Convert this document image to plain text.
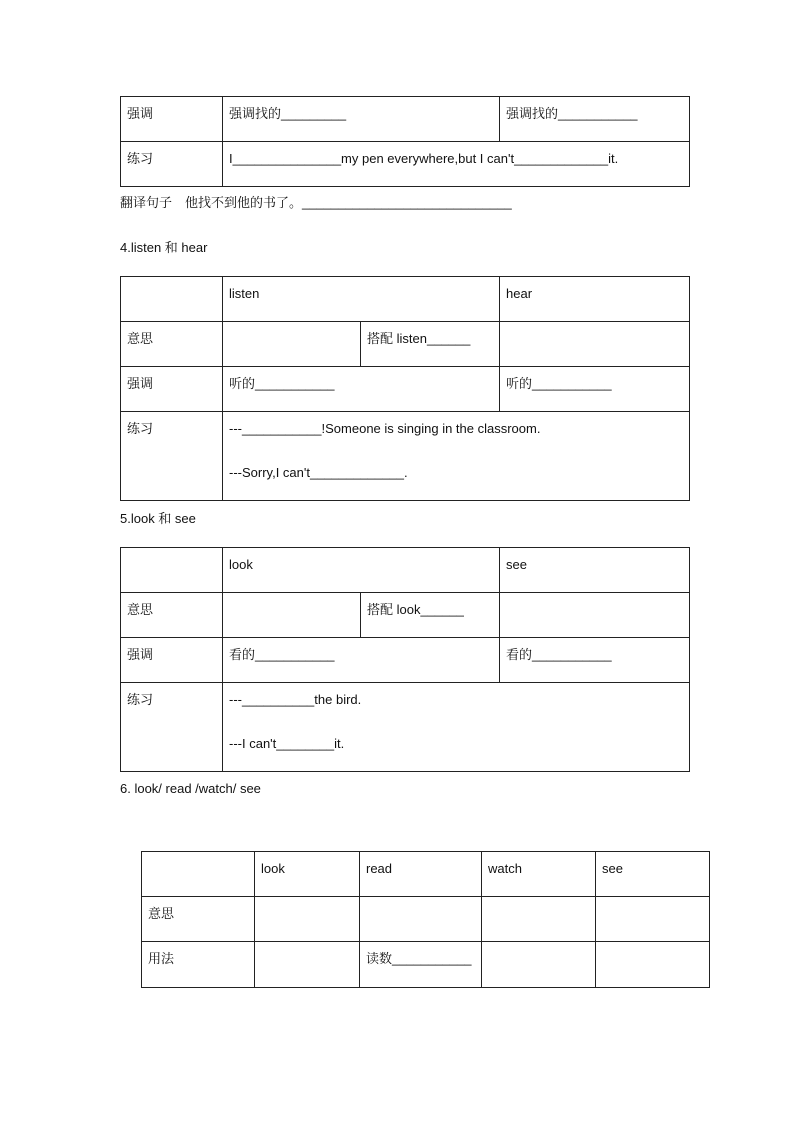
强调	强调找的_________	强调找的___________
练习	I_______________my pen everywhere,but I can't_____________it.	
翻译句子　他找不到他的书了。_____________________________
4.listen 和 hear
	listen		hear
意思		搭配 listen______	
强调	听的___________		听的___________
练习	---___________!Someone is singing in the classroom.
---Sorry,I can't_____________.		
5.look 和 see
	look		see
意思		搭配 look______	
强调	看的___________		看的___________
练习	---__________the bird.
---I can't________it.		
6. look/ read /watch/ see
	look	read	watch	see
意思				
用法		读数___________		
